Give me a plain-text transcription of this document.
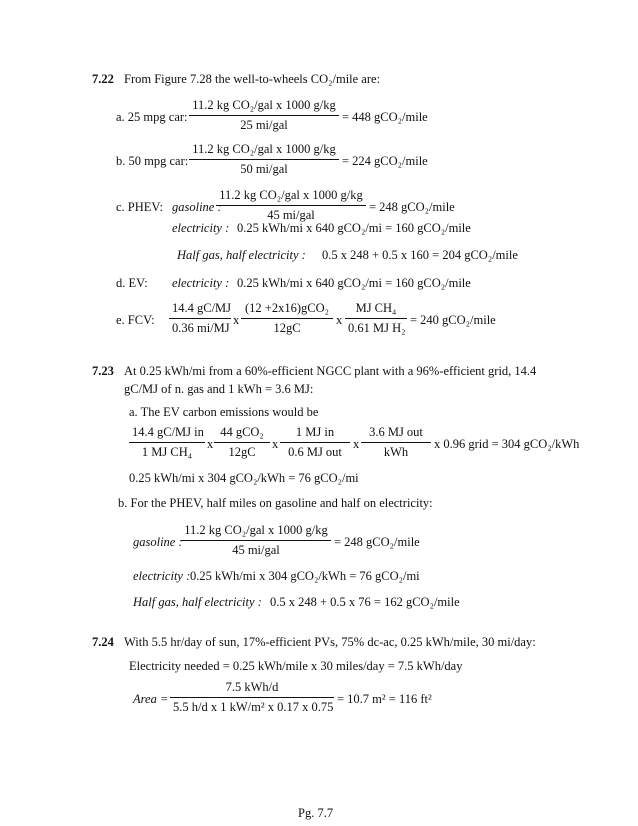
7.22 From Figure 7.28 the well-to-wheels CO₂/mile are:
a. 25 mpg car:
11.2 kg CO₂/gal x 1000 g/kg
25 mi/gal
= 448 gCO₂/mile
b. 50 mpg car:
11.2 kg CO₂/gal x 1000 g/kg
50 mi/gal
= 224 gCO₂/mile
c. PHEV: gasoline :
11.2 kg CO₂/gal x 1000 g/kg
45 mi/gal
= 248 gCO₂/mile
electricity : 0.25 kWh/mi x 640 gCO₂/mi = 160 gCO₂/mile
Half gas, half electricity : 0.5 x 248 + 0.5 x 160 = 204 gCO₂/mile
d. EV: electricity : 0.25 kWh/mi x 640 gCO₂/mi = 160 gCO₂/mile
e. FCV: $\frac{14.4 gC/MJ}{0.36 mi/MJ}$ x
(12 +2x16)gCO₂
12gC
x $\frac{\text{MJ CH₄}}{\text{0.61 MJ H₂}} = 240$ gCO₂/mile
7.23 At 0.25 kWh/mi from a 60%-efficient NGCC plant with a 96%-efficient grid, 14.4
gC/MJ of n. gas and 1 kWh = 3.6 MJ:
a. The EV carbon emissions would be
$\frac{\text{14.4 gC/MJ in}}{\text{1 MJ CH₄}}$ x
44 gCO₂
12gC
x
1 MJ in
0.6 MJ out
x
3.6 MJ out
kWh
x 0.96 grid = 304 gCO₂/kWh
0.25 kWh/mi x 304 gCO₂/kWh = 76 gCO₂/mi
b. For the PHEV, half miles on gasoline and half on electricity:
gasoline :
11.2 kg CO₂/gal x 1000 g/kg
45 mi/gal
= 248 gCO₂/mile
electricity : 0.25 kWh/mi x 304 gCO₂/kWh = 76 gCO₂/mi
Half gas, half electricity : 0.5 x 248 + 0.5 x 76 = 162 gCO₂/mile
7.24 With 5.5 hr/day of sun, 17%-efficient PVs, 75% dc-ac, 0.25 kWh/mile, 30 mi/day:
Electricity needed = 0.25 kWh/mile x 30 miles/day = 7.5 kWh/day
Area =
7.5 kWh/d
5.5 h/d x 1 kW/m² x 0.17 x 0.75
= 10.7 m² = 116 ft²
Pg. 7.7
